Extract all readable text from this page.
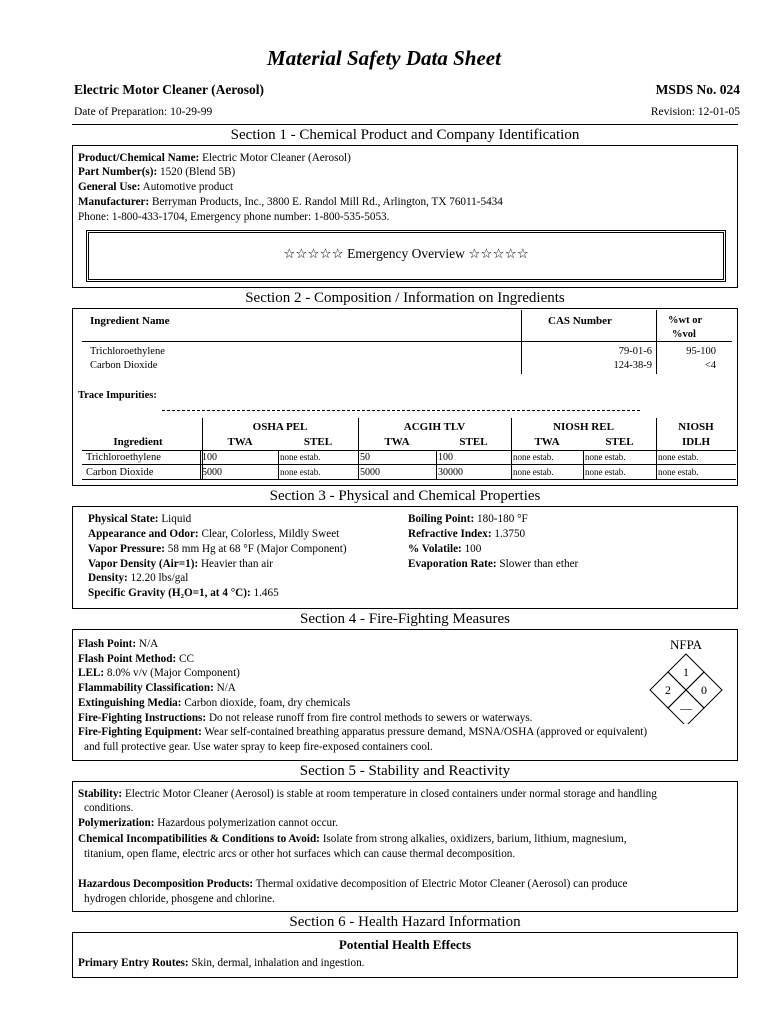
Material Safety Data Sheet
Electric Motor Cleaner (Aerosol)	MSDS No. 024
Date of Preparation: 10-29-99	Revision: 12-01-05
Section 1 - Chemical Product and Company Identification
Product/Chemical Name: Electric Motor Cleaner (Aerosol)
Part Number(s): 1520 (Blend 5B)
General Use: Automotive product
Manufacturer: Berryman Products, Inc., 3800 E. Randol Mill Rd., Arlington, TX 76011-5434
Phone: 1-800-433-1704, Emergency phone number: 1-800-535-5053.
☆☆☆☆☆ Emergency Overview ☆☆☆☆☆
Section 2 - Composition / Information on Ingredients
Ingredient Name	CAS Number	%wt or
%vol
Trichloroethylene	79-01-6	95-100
Carbon Dioxide	124-38-9	<4
Trace Impurities:
OSHA PEL	ACGIH TLV	NIOSH REL	NIOSH
Ingredient	TWA	STEL	TWA	STEL	TWA	STEL	IDLH
Trichloroethylene	100	none estab.	50	100	none estab.	none estab.	none estab.
Carbon Dioxide	5000	none estab.	5000	30000	none estab.	none estab.	none estab.
Section 3 - Physical and Chemical Properties
Physical State: Liquid
Appearance and Odor: Clear, Colorless, Mildly Sweet
Vapor Pressure: 58 mm Hg at 68 °F (Major Component)
Vapor Density (Air=1): Heavier than air
Density: 12.20 lbs/gal
Specific Gravity (H₂O=1, at 4 °C): 1.465
Boiling Point: 180-180 °F
Refractive Index: 1.3750
% Volatile: 100
Evaporation Rate: Slower than ether
Section 4 - Fire-Fighting Measures
Flash Point: N/A
Flash Point Method: CC
LEL: 8.0% v/v (Major Component)
Flammability Classification: N/A
Extinguishing Media: Carbon dioxide, foam, dry chemicals
Fire-Fighting Instructions: Do not release runoff from fire control methods to sewers or waterways.
Fire-Fighting Equipment: Wear self-contained breathing apparatus pressure demand, MSNA/OSHA (approved or equivalent)
and full protective gear. Use water spray to keep fire-exposed containers cool.
NFPA
1
2	0
—
Section 5 - Stability and Reactivity
Stability: Electric Motor Cleaner (Aerosol) is stable at room temperature in closed containers under normal storage and handling
conditions.
Polymerization: Hazardous polymerization cannot occur.
Chemical Incompatibilities & Conditions to Avoid: Isolate from strong alkalies, oxidizers, barium, lithium, magnesium,
titanium, open flame, electric arcs or other hot surfaces which can cause thermal decomposition.
Hazardous Decomposition Products: Thermal oxidative decomposition of Electric Motor Cleaner (Aerosol) can produce
hydrogen chloride, phosgene and chlorine.
Section 6 - Health Hazard Information
Potential Health Effects
Primary Entry Routes: Skin, dermal, inhalation and ingestion.
